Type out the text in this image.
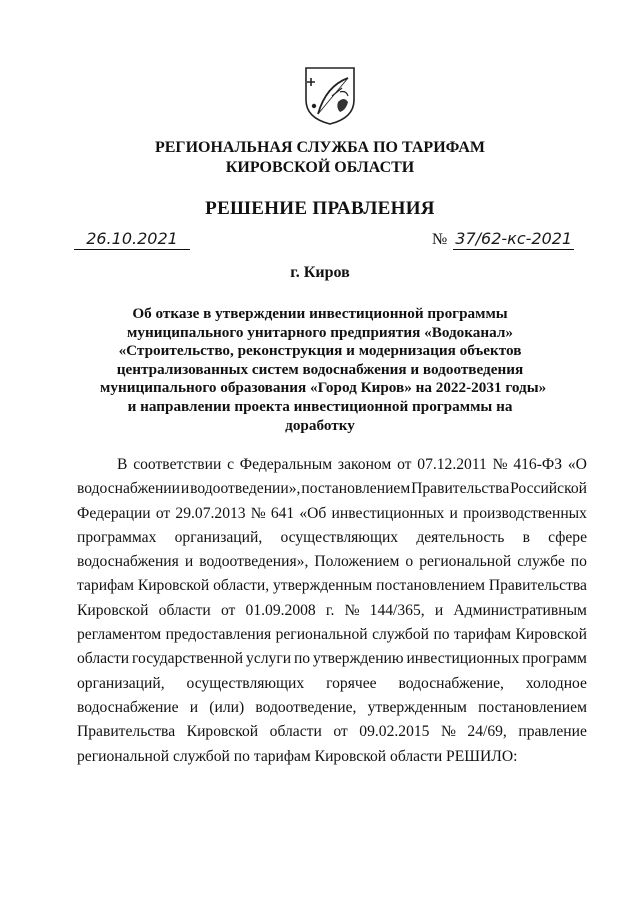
РЕГИОНАЛЬНАЯ СЛУЖБА ПО ТАРИФАМ
КИРОВСКОЙ ОБЛАСТИ
РЕШЕНИЕ ПРАВЛЕНИЯ
26.10.2021	№ 37/62-кс-2021
г. Киров
Об отказе в утверждении инвестиционной программы
муниципального унитарного предприятия «Водоканал»
«Строительство, реконструкция и модернизация объектов
централизованных систем водоснабжения и водоотведения
муниципального образования «Город Киров» на 2022-2031 годы»
и направлении проекта инвестиционной программы на
доработку
В соответствии с Федеральным законом от 07.12.2011 № 416-ФЗ «О
водоснабжении и водоотведении», постановлением Правительства Российской
Федерации от 29.07.2013 № 641 «Об инвестиционных и производственных
программах организаций, осуществляющих деятельность в сфере
водоснабжения и водоотведения», Положением о региональной службе по
тарифам Кировской области, утвержденным постановлением Правительства
Кировской области от 01.09.2008 г. № 144/365, и Административным
регламентом предоставления региональной службой по тарифам Кировской
области государственной услуги по утверждению инвестиционных программ
организаций, осуществляющих горячее водоснабжение, холодное
водоснабжение и (или) водоотведение, утвержденным постановлением
Правительства Кировской области от 09.02.2015 № 24/69, правление
региональной службой по тарифам Кировской области РЕШИЛО:
